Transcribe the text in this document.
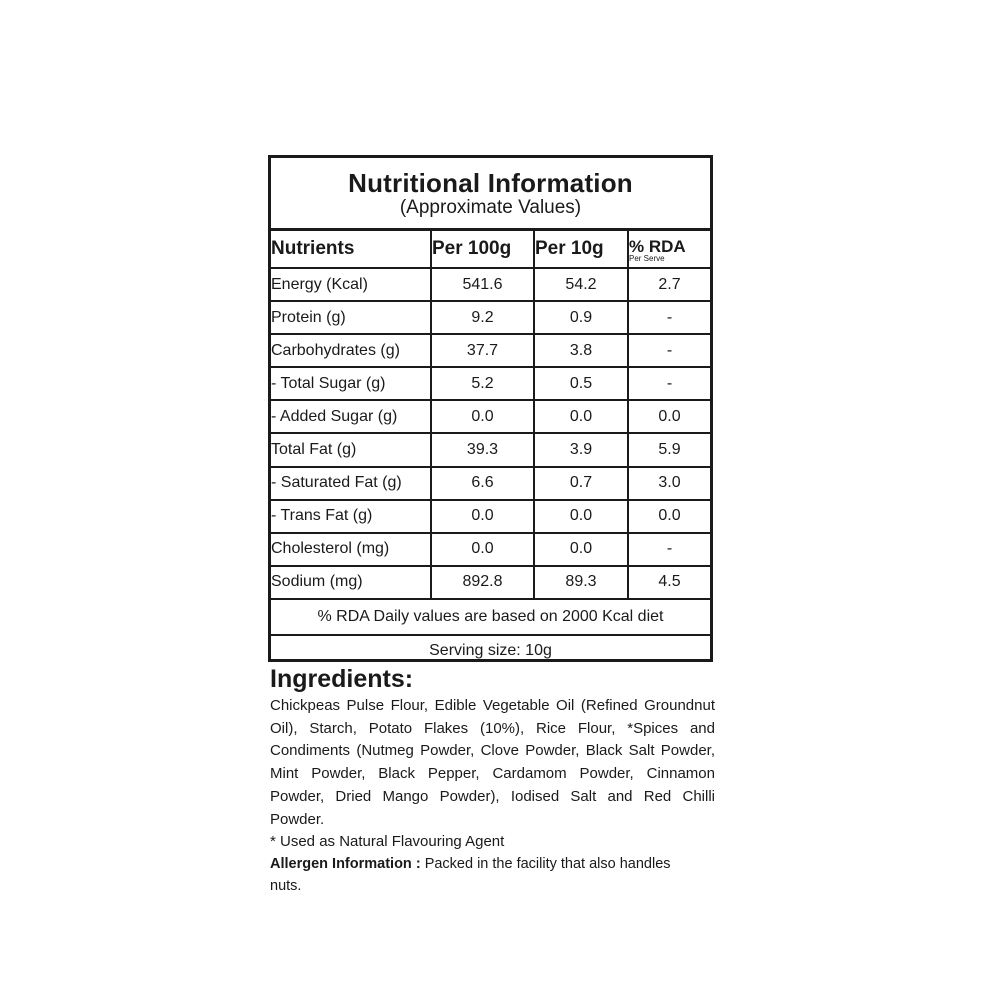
Nutritional Information
(Approximate Values)
Nutrients	Per 100g	Per 10g	% RDA
Per Serve

Energy (Kcal)	541.6	54.2	2.7
Protein (g)	9.2	0.9	-
Carbohydrates (g)	37.7	3.8	-
- Total Sugar (g)	5.2	0.5	-
- Added Sugar (g)	0.0	0.0	0.0
Total Fat (g)	39.3	3.9	5.9
- Saturated Fat (g)	6.6	0.7	3.0
- Trans Fat (g)	0.0	0.0	0.0
Cholesterol (mg)	0.0	0.0	-
Sodium (mg)	892.8	89.3	4.5
% RDA Daily values are based on 2000 Kcal diet			
Serving size: 10g			
Ingredients:
Chickpeas Pulse Flour, Edible Vegetable Oil (Refined Groundnut Oil), Starch, Potato Flakes (10%), Rice Flour, *Spices and Condiments (Nutmeg Powder, Clove Powder, Black Salt Powder, Mint Powder, Black Pepper, Cardamom Powder, Cinnamon Powder, Dried Mango Powder), Iodised Salt and Red Chilli Powder.
* Used as Natural Flavouring Agent
Allergen Information : Packed in the facility that also handles nuts.
